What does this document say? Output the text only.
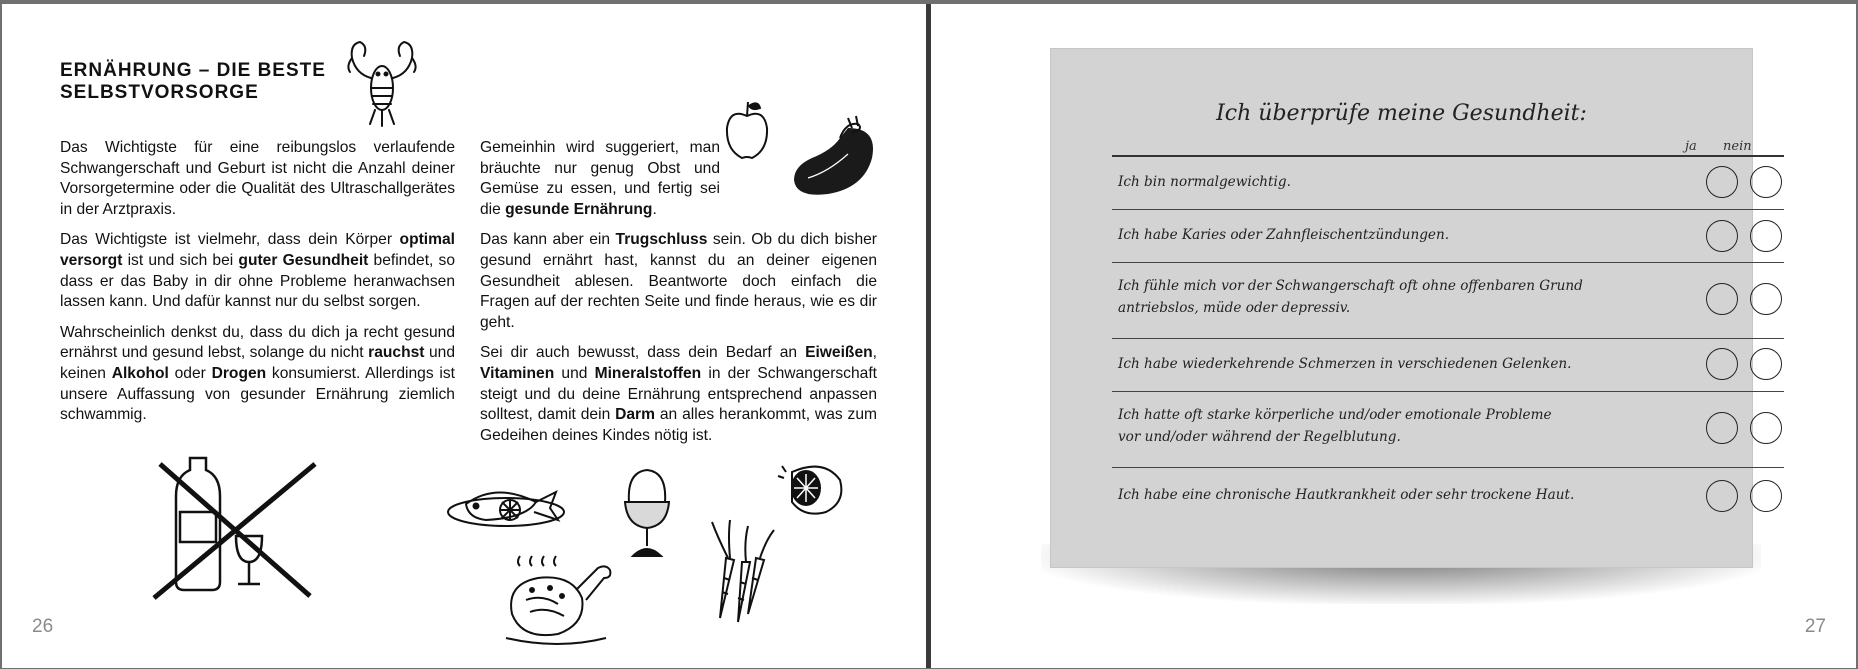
ERNÄHRUNG – DIE BESTE
SELBSTVORSORGE

Das Wichtigste für eine reibungslos verlaufende Schwangerschaft und Geburt ist nicht die Anzahl deiner Vorsorgetermine oder die Qualität des Ultraschallgerätes in der Arztpraxis.

Das Wichtigste ist vielmehr, dass dein Körper optimal versorgt ist und sich bei guter Gesundheit befindet, so dass er das Baby in dir ohne Probleme heranwachsen lassen kann. Und dafür kannst nur du selbst sorgen.

Wahrscheinlich denkst du, dass du dich ja recht gesund ernährst und gesund lebst, solange du nicht rauchst und keinen Alkohol oder Drogen konsumierst. Allerdings ist unsere Auffassung von gesunder Ernährung ziemlich schwammig.

Gemeinhin wird suggeriert, man bräuchte nur genug Obst und Gemüse zu essen, und fertig sei die gesunde Ernährung.

Das kann aber ein Trugschluss sein. Ob du dich bisher gesund ernährt hast, kannst du an deiner eigenen Gesundheit ablesen. Beantworte doch einfach die Fragen auf der rechten Seite und finde heraus, wie es dir geht.

Sei dir auch bewusst, dass dein Bedarf an Eiweißen, Vitaminen und Mineralstoffen in der Schwangerschaft steigt und du deine Ernährung entsprechend anpassen solltest, damit dein Darm an alles herankommt, was zum Gedeihen deines Kindes nötig ist.

26
Ich überprüfe meine Gesundheit:
ja nein
Ich bin normalgewichtig.
Ich habe Karies oder Zahnfleischentzündungen.
Ich fühle mich vor der Schwangerschaft oft ohne offenbaren Grund
antriebslos, müde oder depressiv.
Ich habe wiederkehrende Schmerzen in verschiedenen Gelenken.
Ich hatte oft starke körperliche und/oder emotionale Probleme
vor und/oder während der Regelblutung.
Ich habe eine chronische Hautkrankheit oder sehr trockene Haut.
27
